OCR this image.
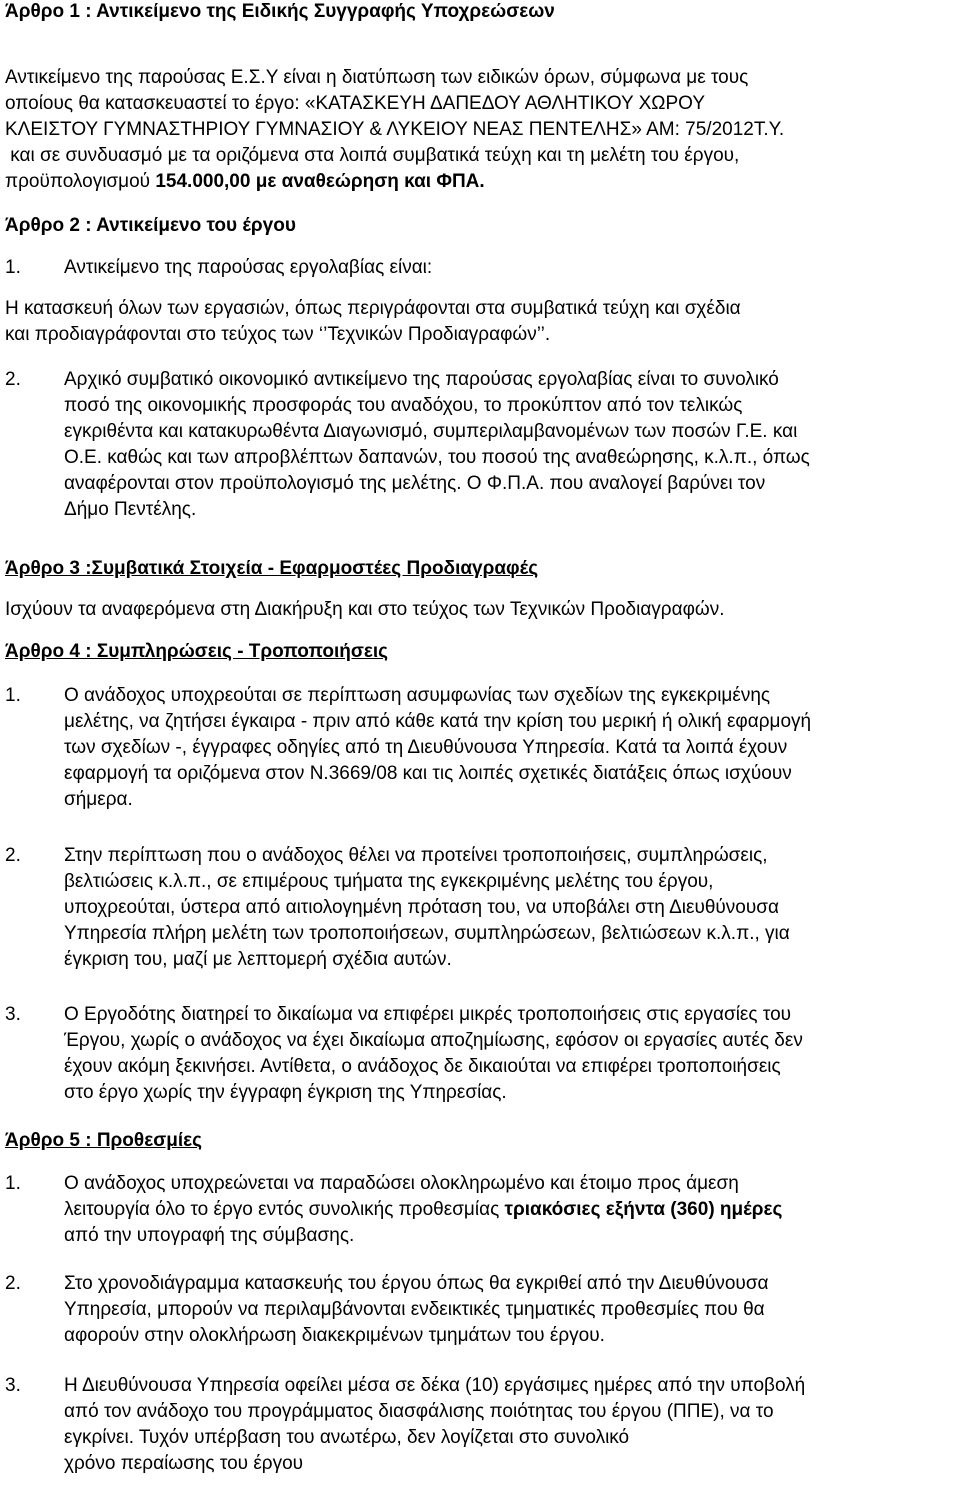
Άρθρο 1 : Αντικείμενο της Ειδικής Συγγραφής Υποχρεώσεων
Αντικείμενο της παρούσας Ε.Σ.Υ είναι η διατύπωση των ειδικών όρων, σύμφωνα με τους
οποίους θα κατασκευαστεί το έργο: «ΚΑΤΑΣΚΕΥΗ ΔΑΠΕΔΟΥ ΑΘΛΗΤΙΚΟΥ ΧΩΡΟΥ
ΚΛΕΙΣΤΟΥ ΓΥΜΝΑΣΤΗΡΙΟΥ ΓΥΜΝΑΣΙΟΥ & ΛΥΚΕΙΟΥ ΝΕΑΣ ΠΕΝΤΕΛΗΣ» ΑΜ: 75/2012Τ.Υ.
και σε συνδυασμό με τα οριζόμενα στα λοιπά συμβατικά τεύχη και τη μελέτη του έργου,
προϋπολογισμού 154.000,00 με αναθεώρηση και ΦΠΑ.
Άρθρο 2 : Αντικείμενο του έργου
1.	Αντικείμενο της παρούσας εργολαβίας είναι:
Η κατασκευή όλων των εργασιών, όπως περιγράφονται στα συμβατικά τεύχη και σχέδια
και προδιαγράφονται στο τεύχος των ‘’Τεχνικών Προδιαγραφών’’.
2.	Αρχικό συμβατικό οικονομικό αντικείμενο της παρούσας εργολαβίας είναι το συνολικό
ποσό της οικονομικής προσφοράς του αναδόχου, το προκύπτον από τον τελικώς
εγκριθέντα και κατακυρωθέντα Διαγωνισμό, συμπεριλαμβανομένων των ποσών Γ.Ε. και
Ο.Ε. καθώς και των απροβλέπτων δαπανών, του ποσού της αναθεώρησης, κ.λ.π., όπως
αναφέρονται στον προϋπολογισμό της μελέτης. Ο Φ.Π.Α. που αναλογεί βαρύνει τον
Δήμο Πεντέλης.
Άρθρο 3 :Συμβατικά Στοιχεία - Εφαρμοστέες Προδιαγραφές
Ισχύουν τα αναφερόμενα στη Διακήρυξη και στο τεύχος των Τεχνικών Προδιαγραφών.
Άρθρο 4 : Συμπληρώσεις - Τροποποιήσεις
1.	Ο ανάδοχος υποχρεούται σε περίπτωση ασυμφωνίας των σχεδίων της εγκεκριμένης
μελέτης, να ζητήσει έγκαιρα - πριν από κάθε κατά την κρίση του μερική ή ολική εφαρμογή
των σχεδίων -, έγγραφες οδηγίες από τη Διευθύνουσα Υπηρεσία. Κατά τα λοιπά έχουν
εφαρμογή τα οριζόμενα στον Ν.3669/08 και τις λοιπές σχετικές διατάξεις όπως ισχύουν
σήμερα.
2.	Στην περίπτωση που ο ανάδοχος θέλει να προτείνει τροποποιήσεις, συμπληρώσεις,
βελτιώσεις κ.λ.π., σε επιμέρους τμήματα της εγκεκριμένης μελέτης του έργου,
υποχρεούται, ύστερα από αιτιολογημένη πρόταση του, να υποβάλει στη Διευθύνουσα
Υπηρεσία πλήρη μελέτη των τροποποιήσεων, συμπληρώσεων, βελτιώσεων κ.λ.π., για
έγκριση του, μαζί με λεπτομερή σχέδια αυτών.
3.	Ο Εργοδότης διατηρεί το δικαίωμα να επιφέρει μικρές τροποποιήσεις στις εργασίες του
Έργου, χωρίς ο ανάδοχος να έχει δικαίωμα αποζημίωσης, εφόσον οι εργασίες αυτές δεν
έχουν ακόμη ξεκινήσει. Αντίθετα, ο ανάδοχος δε δικαιούται να επιφέρει τροποποιήσεις
στο έργο χωρίς την έγγραφη έγκριση της Υπηρεσίας.
Άρθρο 5 : Προθεσμίες
1.	Ο ανάδοχος υποχρεώνεται να παραδώσει ολοκληρωμένο και έτοιμο προς άμεση
λειτουργία όλο το έργο εντός συνολικής προθεσμίας τριακόσιες εξήντα (360) ημέρες
από την υπογραφή της σύμβασης.
2.	Στο χρονοδιάγραμμα κατασκευής του έργου όπως θα εγκριθεί από την Διευθύνουσα
Υπηρεσία, μπορούν να περιλαμβάνονται ενδεικτικές τμηματικές προθεσμίες που θα
αφορούν στην ολοκλήρωση διακεκριμένων τμημάτων του έργου.
3.	Η Διευθύνουσα Υπηρεσία οφείλει μέσα σε δέκα (10) εργάσιμες ημέρες από την υποβολή
από τον ανάδοχο του προγράμματος διασφάλισης ποιότητας του έργου (ΠΠΕ), να το
εγκρίνει. Τυχόν υπέρβαση του ανωτέρω, δεν λογίζεται στο συνολικό
χρόνο περαίωσης του έργου
